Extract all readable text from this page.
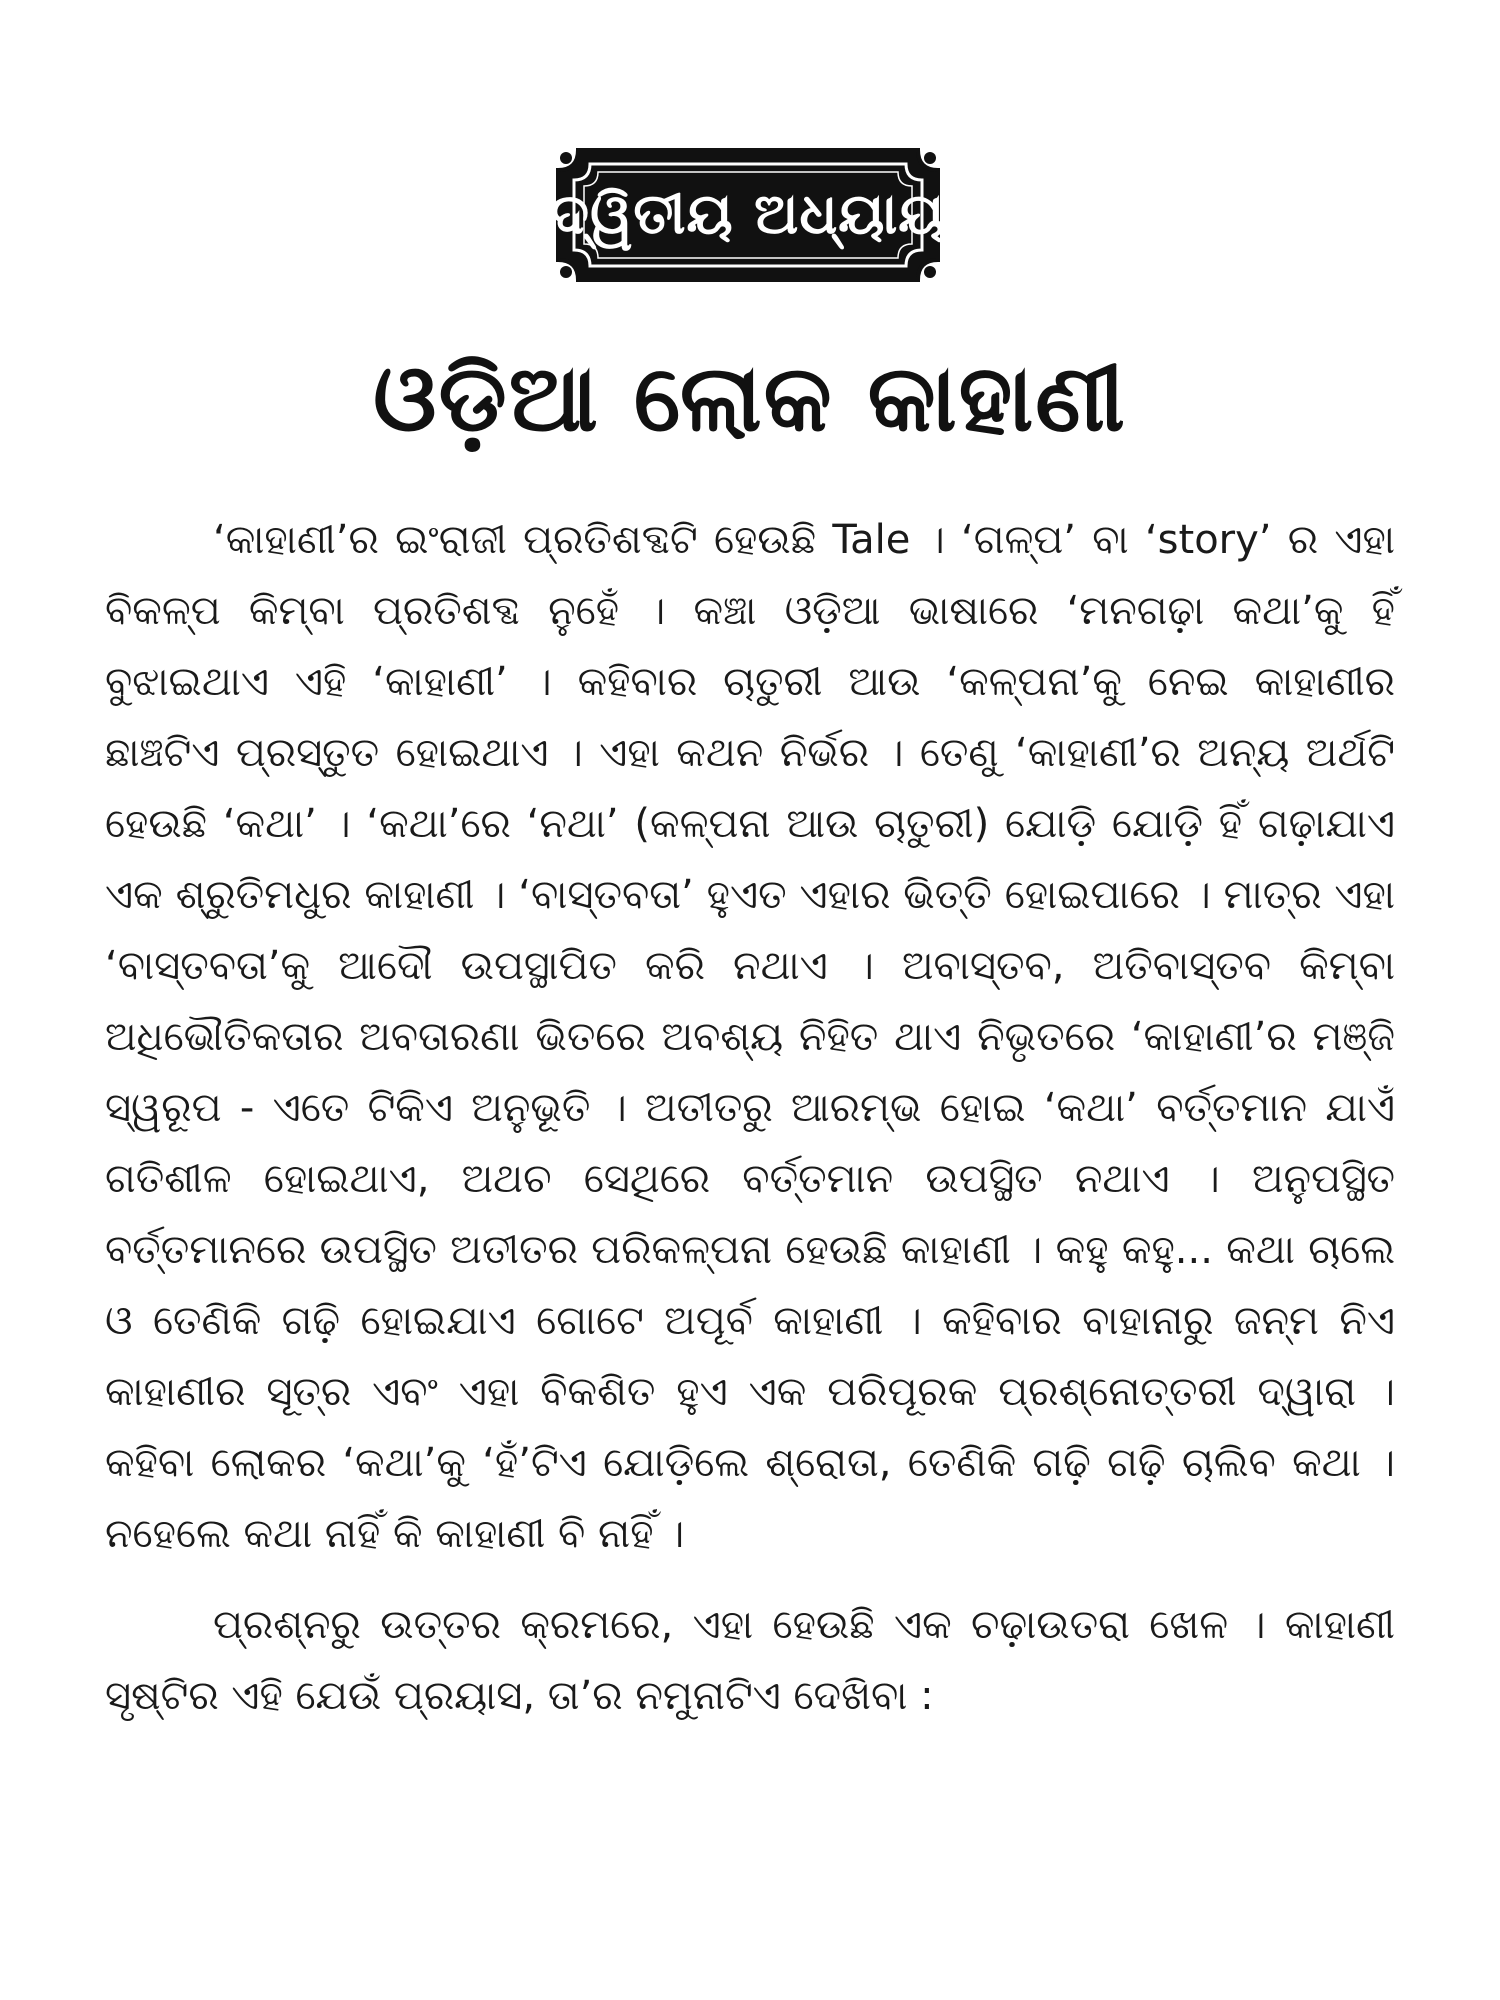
ଦ୍ୱିତୀୟ ଅଧ୍ୟାୟ
ଓଡ଼ିଆ ଲୋକ କାହାଣୀ

‘କାହାଣୀ’ର ଇଂରାଜୀ ପ୍ରତିଶବ୍ଦଟି ହେଉଛି Tale । ‘ଗଳ୍ପ’ ବା ‘story’ ର ଏହା ବିକଳ୍ପ କିମ୍ବା ପ୍ରତିଶବ୍ଦ ନୁହେଁ । କଞ୍ଚା ଓଡ଼ିଆ ଭାଷାରେ ‘ମନଗଢ଼ା କଥା’କୁ ହିଁ ବୁଝାଇଥାଏ ଏହି ‘କାହାଣୀ’ । କହିବାର ଚାତୁରୀ ଆଉ ‘କଳ୍ପନା’କୁ ନେଇ କାହାଣୀର ଛାଞ୍ଚଟିଏ ପ୍ରସ୍ତୁତ ହୋଇଥାଏ । ଏହା କଥନ ନିର୍ଭର । ତେଣୁ ‘କାହାଣୀ’ର ଅନ୍ୟ ଅର୍ଥଟି ହେଉଛି ‘କଥା’ । ‘କଥା’ରେ ‘ନଥା’ (କଳ୍ପନା ଆଉ ଚାତୁରୀ) ଯୋଡ଼ି ଯୋଡ଼ି ହିଁ ଗଢ଼ାଯାଏ ଏକ ଶ୍ରୁତିମଧୁର କାହାଣୀ । ‘ବାସ୍ତବତା’ ହୁଏତ ଏହାର ଭିତ୍ତି ହୋଇପାରେ । ମାତ୍ର ଏହା ‘ବାସ୍ତବତା’କୁ ଆଦୌ ଉପସ୍ଥାପିତ କରି ନଥାଏ । ଅବାସ୍ତବ, ଅତିବାସ୍ତବ କିମ୍ବା ଅଧିଭୌତିକତାର ଅବତାରଣା ଭିତରେ ଅବଶ୍ୟ ନିହିତ ଥାଏ ନିଭୃତରେ ‘କାହାଣୀ’ର ମଞ୍ଜି ସ୍ୱରୂପ - ଏତେ ଟିକିଏ ଅନୁଭୂତି । ଅତୀତରୁ ଆରମ୍ଭ ହୋଇ ‘କଥା’ ବର୍ତ୍ତମାନ ଯାଏଁ ଗତିଶୀଳ ହୋଇଥାଏ, ଅଥଚ ସେଥିରେ ବର୍ତ୍ତମାନ ଉପସ୍ଥିତ ନଥାଏ । ଅନୁପସ୍ଥିତ ବର୍ତ୍ତମାନରେ ଉପସ୍ଥିତ ଅତୀତର ପରିକଳ୍ପନା ହେଉଛି କାହାଣୀ । କହୁ କହୁ... କଥା ଚାଲେ ଓ ତେଣିକି ଗଢ଼ି ହୋଇଯାଏ ଗୋଟେ ଅପୂର୍ବ କାହାଣୀ । କହିବାର ବାହାନାରୁ ଜନ୍ମ ନିଏ କାହାଣୀର ସୂତ୍ର ଏବଂ ଏହା ବିକଶିତ ହୁଏ ଏକ ପରିପୂରକ ପ୍ରଶ୍ନୋତ୍ତରୀ ଦ୍ୱାରା । କହିବା ଲୋକର ‘କଥା’କୁ ‘ହଁ’ଟିଏ ଯୋଡ଼ିଲେ ଶ୍ରୋତା, ତେଣିକି ଗଢ଼ି ଗଢ଼ି ଚାଲିବ କଥା । ନହେଲେ କଥା ନାହିଁ କି କାହାଣୀ ବି ନାହିଁ ।

ପ୍ରଶ୍ନରୁ ଉତ୍ତର କ୍ରମରେ, ଏହା ହେଉଛି ଏକ ଚଢ଼ାଉତରା ଖେଳ । କାହାଣୀ ସୃଷ୍ଟିର ଏହି ଯେଉଁ ପ୍ରୟାସ, ତା’ର ନମୁନାଟିଏ ଦେଖିବା :
